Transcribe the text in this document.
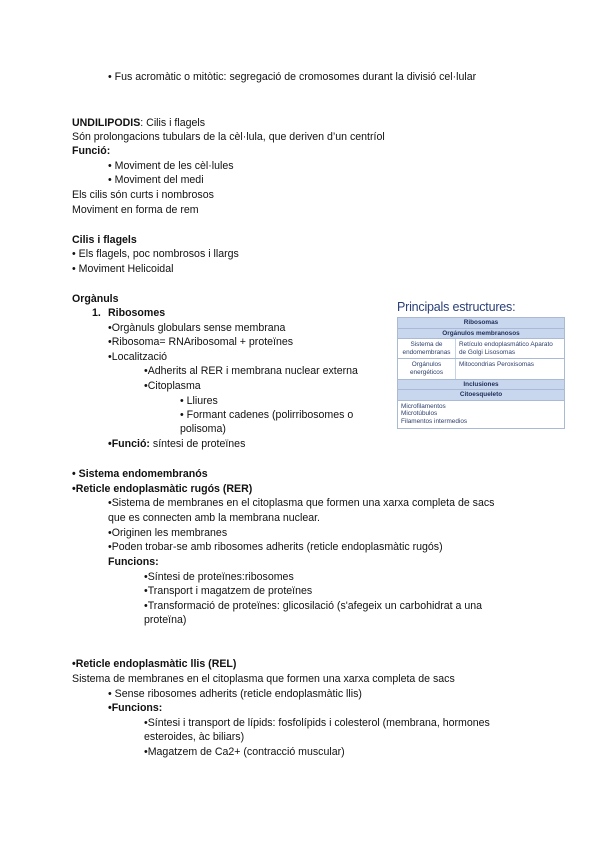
• Fus acromàtic o mitòtic: segregació de cromosomes durant la divisió cel·lular
UNDILIPODIS: Cilis i flagels
Són prolongacions tubulars de la cèl·lula, que deriven d’un centríol
Funció:
• Moviment de les cèl·lules
• Moviment del medi
Els cilis són curts i nombrosos
Moviment en forma de rem
Cilis i flagels
• Els flagels, poc nombrosos i llargs
• Moviment Helicoidal
Orgànuls
1. Ribosomes
•Orgànuls globulars sense membrana
•Ribosoma= RNAribosomal + proteïnes
•Localització
•Adherits al RER i membrana nuclear externa
•Citoplasma
• Lliures
• Formant cadenes (polirribosomes o
polisoma)
•Funció: síntesi de proteïnes
• Sistema endomembranós
•Reticle endoplasmàtic rugós (RER)
•Sistema de membranes en el citoplasma que formen una xarxa completa de sacs
que es connecten amb la membrana nuclear.
•Originen les membranes
•Poden trobar-se amb ribosomes adherits (reticle endoplasmàtic rugós)
Funcions:
•Síntesi de proteïnes:ribosomes
•Transport i magatzem de proteïnes
•Transformació de proteïnes: glicosilació (s'afegeix un carbohidrat a una
proteïna)
•Reticle endoplasmàtic llis (REL)
Sistema de membranes en el citoplasma que formen una xarxa completa de sacs
• Sense ribosomes adherits (reticle endoplasmàtic llis)
•Funcions:
•Síntesi i transport de lípids: fosfolípids i colesterol (membrana, hormones
esteroides, àc biliars)
•Magatzem de Ca2+ (contracció muscular)
Principals estructures:
Ribosomas
Orgánulos membranosos
Sistema de endomembranas
Retículo endoplasmático Aparato de Golgi Lisosomas
Orgánulos energéticos
Mitocondrias Peroxisomas
Inclusiones
Citoesqueleto
Microfilamentos
Microtúbulos
Filamentos intermedios
